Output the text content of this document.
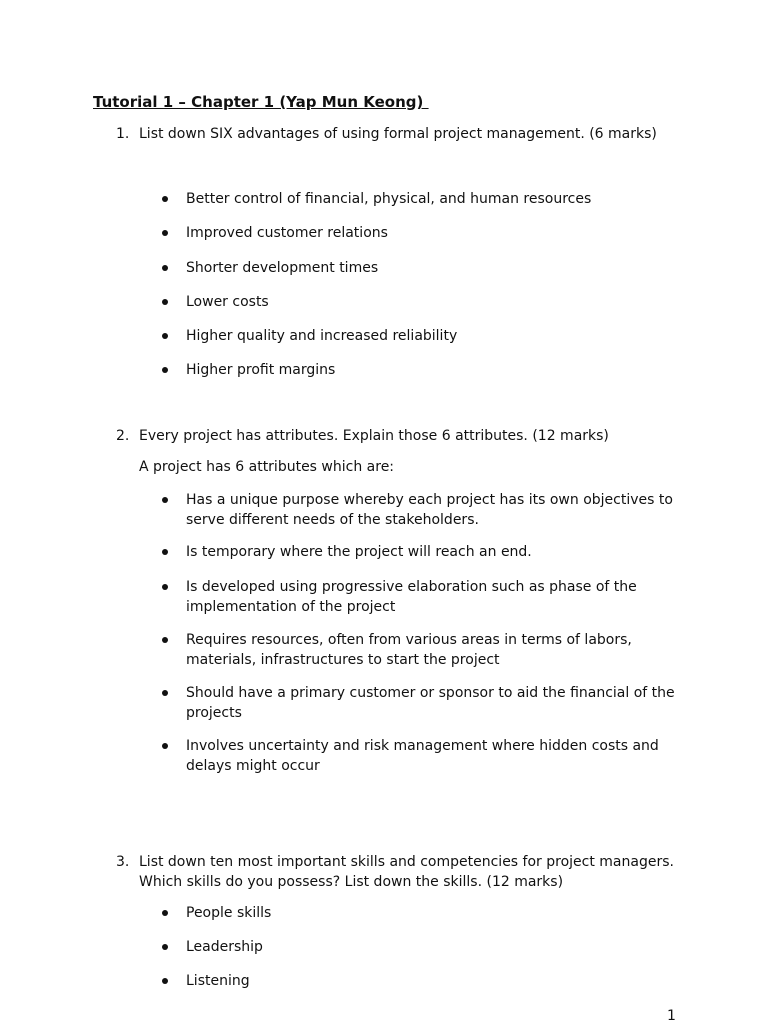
Tutorial 1 – Chapter 1 (Yap Mun Keong)

1. List down SIX advantages of using formal project management. (6 marks)

Better control of financial, physical, and human resources

Improved customer relations

Shorter development times

Lower costs

Higher quality and increased reliability

Higher profit margins

2. Every project has attributes. Explain those 6 attributes. (12 marks)

A project has 6 attributes which are:

Has a unique purpose whereby each project has its own objectives to serve different needs of the stakeholders.

Is temporary where the project will reach an end.

Is developed using progressive elaboration such as phase of the implementation of the project

Requires resources, often from various areas in terms of labors, materials, infrastructures to start the project

Should have a primary customer or sponsor to aid the financial of the projects

Involves uncertainty and risk management where hidden costs and delays might occur

3. List down ten most important skills and competencies for project managers. Which skills do you possess? List down the skills. (12 marks)

People skills

Leadership

Listening

1
